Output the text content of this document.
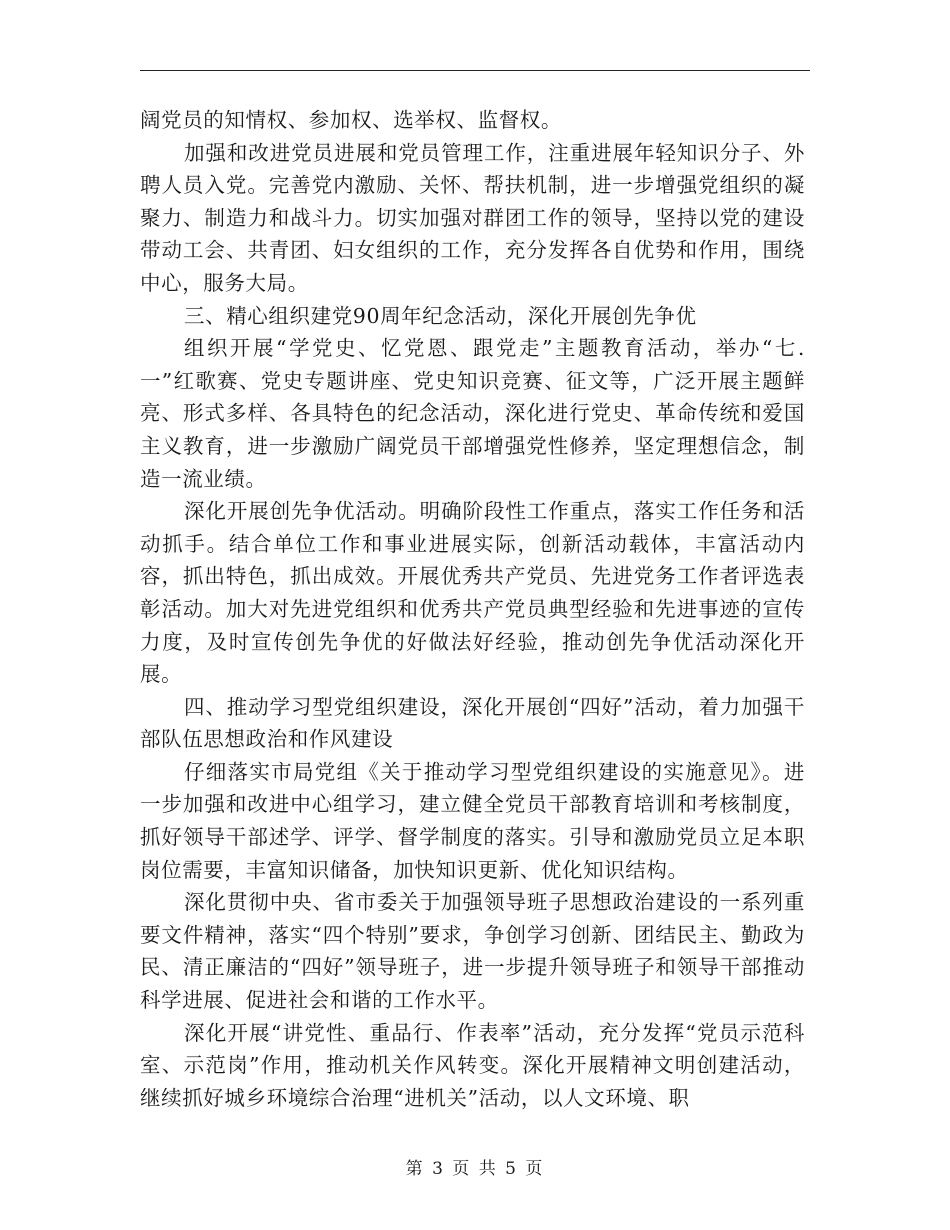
阔党员的知情权、参加权、选举权、监督权。

加强和改进党员进展和党员管理工作，注重进展年轻知识分子、外聘人员入党。完善党内激励、关怀、帮扶机制，进一步增强党组织的凝聚力、制造力和战斗力。切实加强对群团工作的领导，坚持以党的建设带动工会、共青团、妇女组织的工作，充分发挥各自优势和作用，围绕中心，服务大局。

三、精心组织建党90周年纪念活动，深化开展创先争优

组织开展“学党史、忆党恩、跟党走”主题教育活动，举办“七.一”红歌赛、党史专题讲座、党史知识竞赛、征文等，广泛开展主题鲜亮、形式多样、各具特色的纪念活动，深化进行党史、革命传统和爱国主义教育，进一步激励广阔党员干部增强党性修养，坚定理想信念，制造一流业绩。

深化开展创先争优活动。明确阶段性工作重点，落实工作任务和活动抓手。结合单位工作和事业进展实际，创新活动载体，丰富活动内容，抓出特色，抓出成效。开展优秀共产党员、先进党务工作者评选表彰活动。加大对先进党组织和优秀共产党员典型经验和先进事迹的宣传力度，及时宣传创先争优的好做法好经验，推动创先争优活动深化开展。

四、推动学习型党组织建设，深化开展创“四好”活动，着力加强干部队伍思想政治和作风建设

仔细落实市局党组《关于推动学习型党组织建设的实施意见》。进一步加强和改进中心组学习，建立健全党员干部教育培训和考核制度，抓好领导干部述学、评学、督学制度的落实。引导和激励党员立足本职岗位需要，丰富知识储备，加快知识更新、优化知识结构。

深化贯彻中央、省市委关于加强领导班子思想政治建设的一系列重要文件精神，落实“四个特别”要求，争创学习创新、团结民主、勤政为民、清正廉洁的“四好”领导班子，进一步提升领导班子和领导干部推动科学进展、促进社会和谐的工作水平。

深化开展“讲党性、重品行、作表率”活动，充分发挥“党员示范科室、示范岗”作用，推动机关作风转变。深化开展精神文明创建活动，继续抓好城乡环境综合治理“进机关”活动，以人文环境、职

第 3 页 共 5 页
